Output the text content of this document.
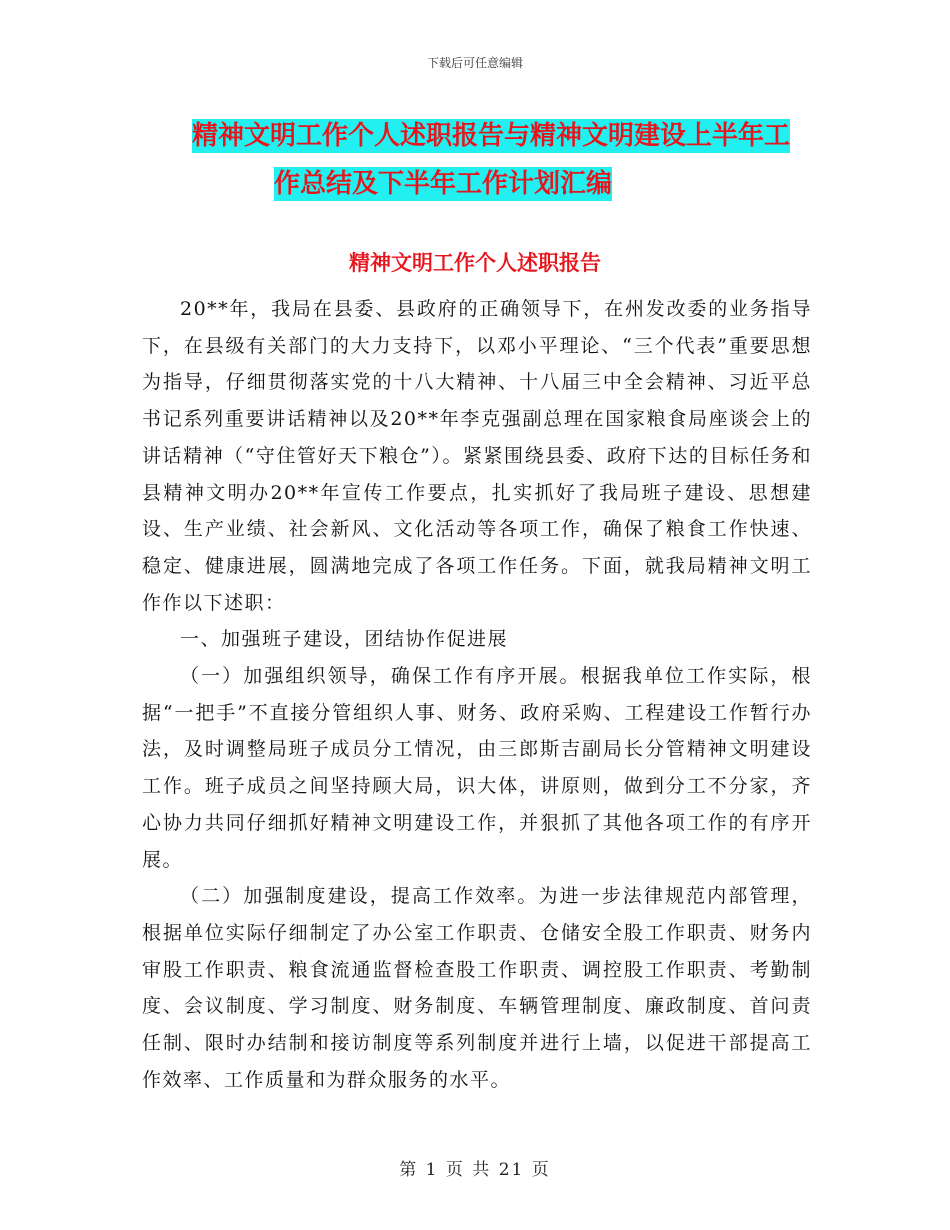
下载后可任意编辑
精神文明工作个人述职报告与精神文明建设上半年工
作总结及下半年工作计划汇编
精神文明工作个人述职报告

20**年，我局在县委、县政府的正确领导下，在州发改委的业务指导下，在县级有关部门的大力支持下，以邓小平理论、“三个代表”重要思想为指导，仔细贯彻落实党的十八大精神、十八届三中全会精神、习近平总书记系列重要讲话精神以及20**年李克强副总理在国家粮食局座谈会上的讲话精神（“守住管好天下粮仓”）。紧紧围绕县委、政府下达的目标任务和县精神文明办20**年宣传工作要点，扎实抓好了我局班子建设、思想建设、生产业绩、社会新风、文化活动等各项工作，确保了粮食工作快速、稳定、健康进展，圆满地完成了各项工作任务。下面，就我局精神文明工作作以下述职：

一、加强班子建设，团结协作促进展

（一）加强组织领导，确保工作有序开展。根据我单位工作实际，根据“一把手”不直接分管组织人事、财务、政府采购、工程建设工作暂行办法，及时调整局班子成员分工情况，由三郎斯吉副局长分管精神文明建设工作。班子成员之间坚持顾大局，识大体，讲原则，做到分工不分家，齐心协力共同仔细抓好精神文明建设工作，并狠抓了其他各项工作的有序开展。

（二）加强制度建设，提高工作效率。为进一步法律规范内部管理，根据单位实际仔细制定了办公室工作职责、仓储安全股工作职责、财务内审股工作职责、粮食流通监督检查股工作职责、调控股工作职责、考勤制度、会议制度、学习制度、财务制度、车辆管理制度、廉政制度、首问责任制、限时办结制和接访制度等系列制度并进行上墙，以促进干部提高工作效率、工作质量和为群众服务的水平。

第 1 页 共 21 页
